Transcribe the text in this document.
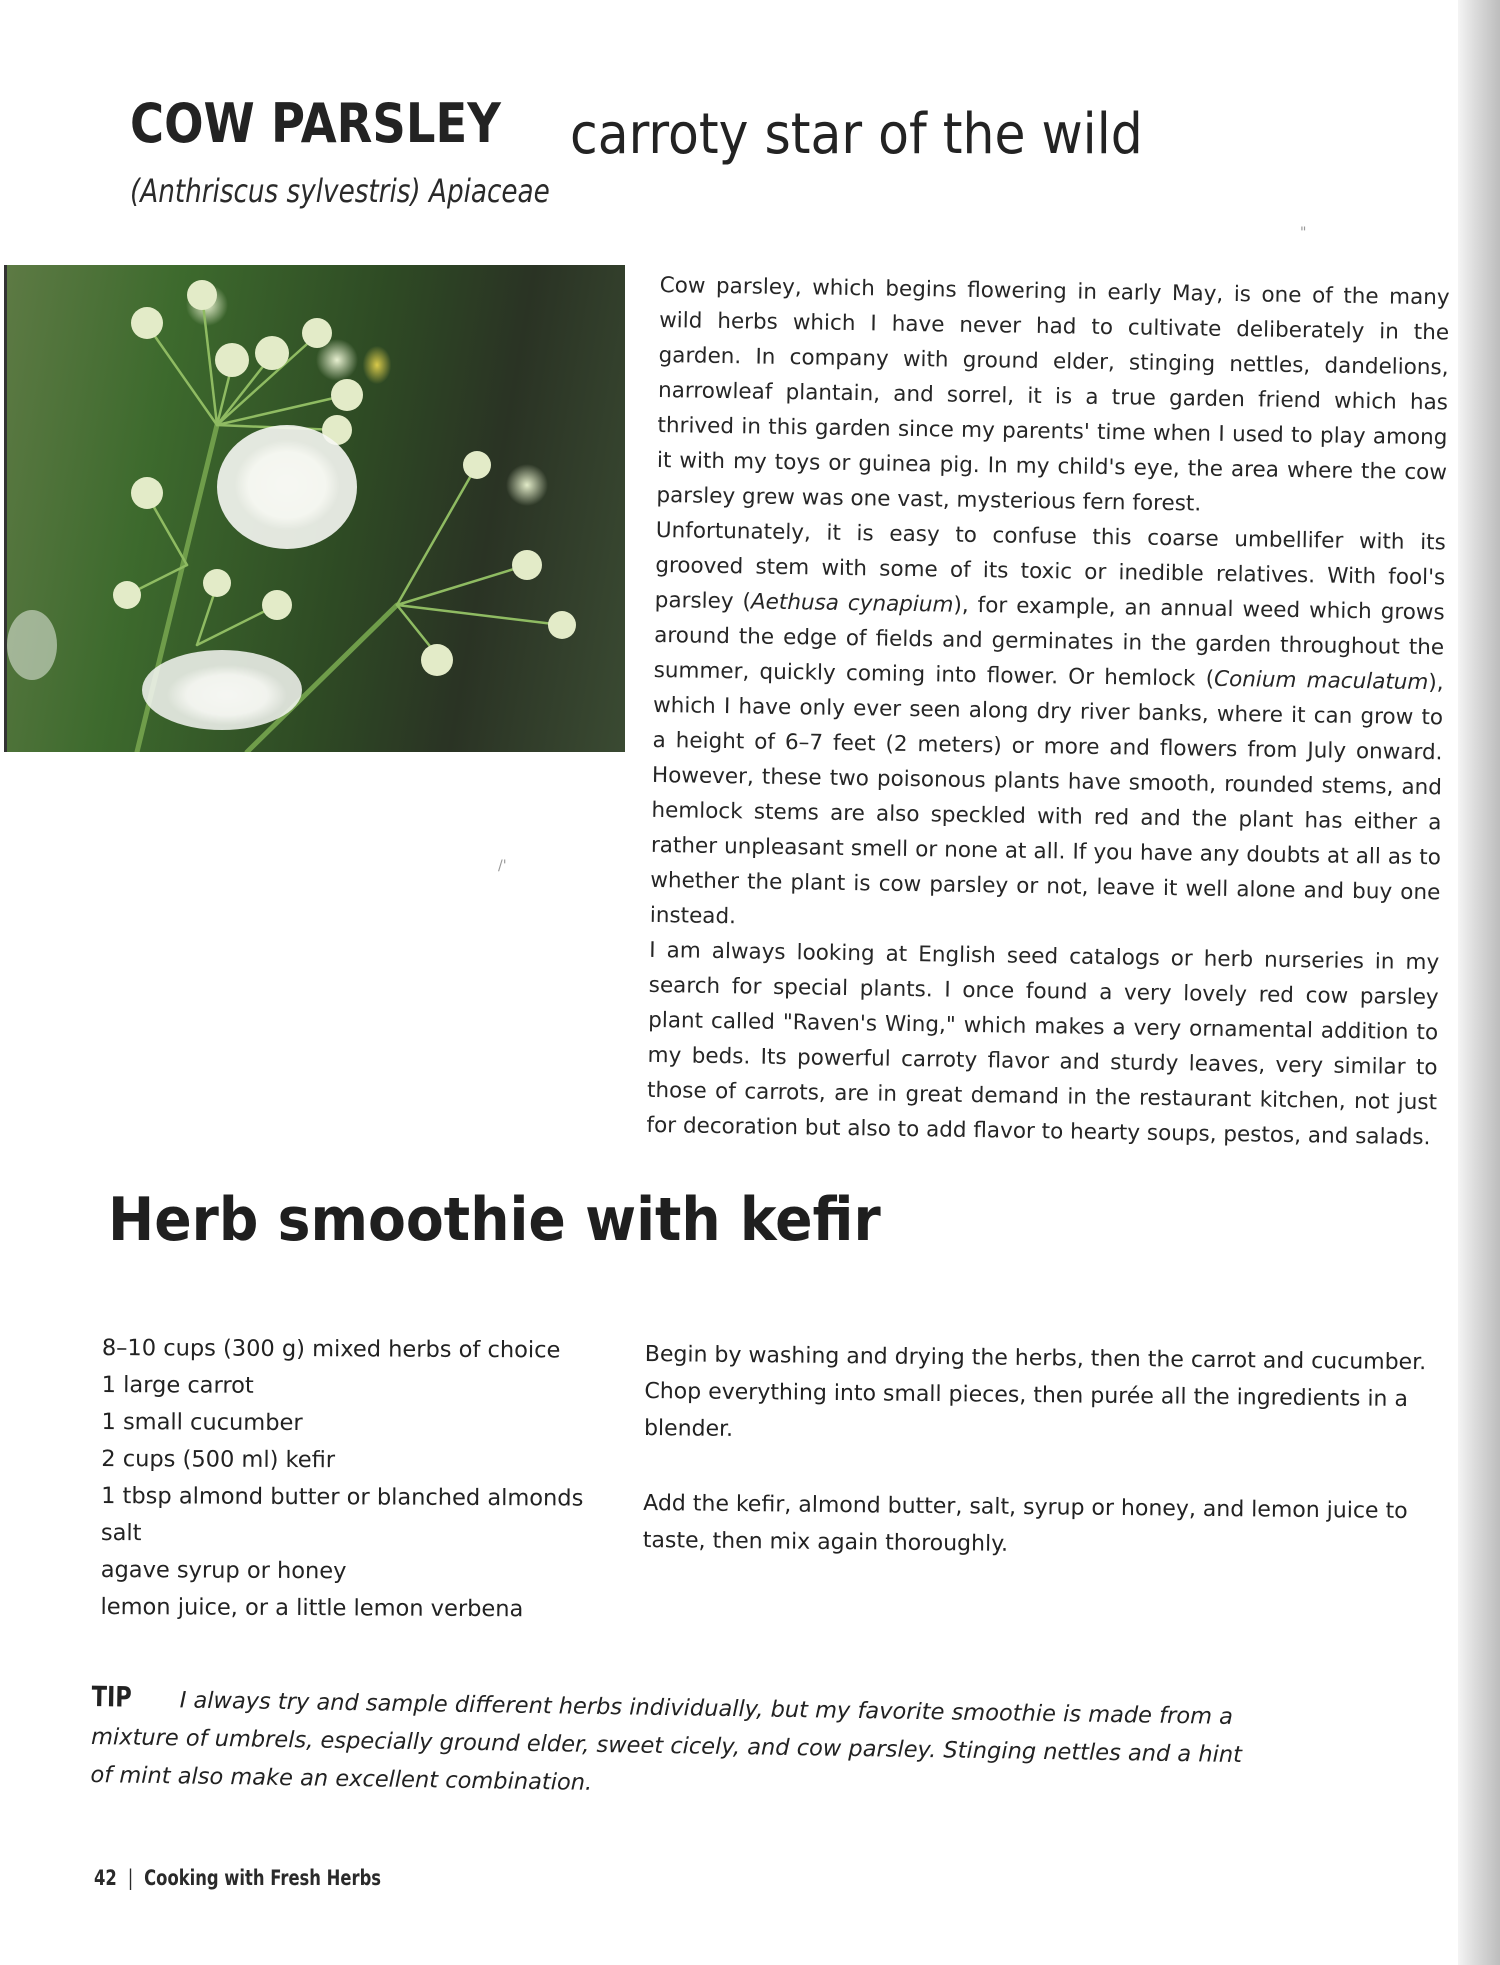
COW PARSLEY carroty star of the wild
(Anthriscus sylvestris) Apiaceae

Cow parsley, which begins flowering in early May, is one of the many wild herbs which I have never had to cultivate deliberately in the garden. In company with ground elder, stinging nettles, dandelions, narrowleaf plantain, and sorrel, it is a true garden friend which has thrived in this garden since my parents' time when I used to play among it with my toys or guinea pig. In my child's eye, the area where the cow parsley grew was one vast, mysterious fern forest.

Unfortunately, it is easy to confuse this coarse umbellifer with its grooved stem with some of its toxic or inedible relatives. With fool's parsley (Aethusa cynapium), for example, an annual weed which grows around the edge of fields and germinates in the garden throughout the summer, quickly coming into flower. Or hemlock (Conium maculatum), which I have only ever seen along dry river banks, where it can grow to a height of 6–7 feet (2 meters) or more and flowers from July onward. However, these two poisonous plants have smooth, rounded stems, and hemlock stems are also speckled with red and the plant has either a rather unpleasant smell or none at all. If you have any doubts at all as to whether the plant is cow parsley or not, leave it well alone and buy one instead.

I am always looking at English seed catalogs or herb nurseries in my search for special plants. I once found a very lovely red cow parsley plant called "Raven's Wing," which makes a very ornamental addition to my beds. Its powerful carroty flavor and sturdy leaves, very similar to those of carrots, are in great demand in the restaurant kitchen, not just for decoration but also to add flavor to hearty soups, pestos, and salads.

"
/'
Herb smoothie with kefir
8–10 cups (300 g) mixed herbs of choice
1 large carrot
1 small cucumber
2 cups (500 ml) kefir
1 tbsp almond butter or blanched almonds
salt
agave syrup or honey
lemon juice, or a little lemon verbena

Begin by washing and drying the herbs, then the carrot and cucumber. Chop everything into small pieces, then purée all the ingredients in a blender.

Add the kefir, almond butter, salt, syrup or honey, and lemon juice to taste, then mix again thoroughly.

TIP I always try and sample different herbs individually, but my favorite smoothie is made from a mixture of umbrels, especially ground elder, sweet cicely, and cow parsley. Stinging nettles and a hint of mint also make an excellent combination.
42 | Cooking with Fresh Herbs
